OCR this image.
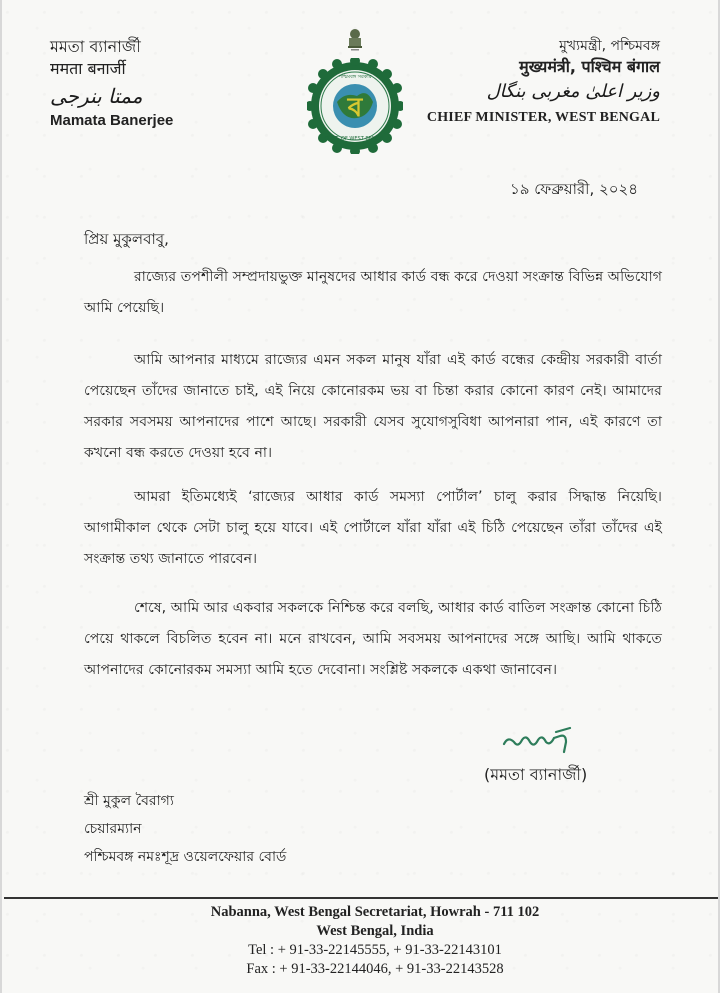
মমতা ব্যানার্জী
ममता बनार्जी
ممتا بنرجی
Mamata Banerjee	ব
পশ্চিমবঙ্গ সরকার
GOVT. OF WEST BENGAL
মুখ্যমন্ত্রী, পশ্চিমবঙ্গ
मुख्यमंत्री, पश्चिम बंगाल
وزیر اعلیٰ مغربی بنگال
CHIEF MINISTER, WEST BENGAL
১৯ ফেব্রুয়ারী, ২০২৪
প্রিয় মুকুলবাবু,

রাজ্যের তপশীলী সম্প্রদায়ভুক্ত মানুষদের আধার কার্ড বন্ধ করে দেওয়া সংক্রান্ত বিভিন্ন অভিযোগ আমি পেয়েছি।

আমি আপনার মাধ্যমে রাজ্যের এমন সকল মানুষ যাঁরা এই কার্ড বন্ধের কেন্দ্রীয় সরকারী বার্তা পেয়েছেন তাঁদের জানাতে চাই, এই নিয়ে কোনোরকম ভয় বা চিন্তা করার কোনো কারণ নেই। আমাদের সরকার সবসময় আপনাদের পাশে আছে। সরকারী যেসব সুযোগসুবিধা আপনারা পান, এই কারণে তা কখনো বন্ধ করতে দেওয়া হবে না।

আমরা ইতিমধ্যেই ‘রাজ্যের আধার কার্ড সমস্যা পোর্টাল’ চালু করার সিদ্ধান্ত নিয়েছি। আগামীকাল থেকে সেটা চালু হয়ে যাবে। এই পোর্টালে যাঁরা যাঁরা এই চিঠি পেয়েছেন তাঁরা তাঁদের এই সংক্রান্ত তথ্য জানাতে পারবেন।

শেষে, আমি আর একবার সকলকে নিশ্চিন্ত করে বলছি, আধার কার্ড বাতিল সংক্রান্ত কোনো চিঠি পেয়ে থাকলে বিচলিত হবেন না। মনে রাখবেন, আমি সবসময় আপনাদের সঙ্গে আছি। আমি থাকতে আপনাদের কোনোরকম সমস্যা আমি হতে দেবোনা। সংশ্লিষ্ট সকলকে একথা জানাবেন।

(মমতা ব্যানার্জী)
শ্রী মুকুল বৈরাগ্য
চেয়ারম্যান
পশ্চিমবঙ্গ নমঃশূদ্র ওয়েলফেয়ার বোর্ড
Nabanna, West Bengal Secretariat, Howrah - 711 102
West Bengal, India
Tel : + 91-33-22145555, + 91-33-22143101
Fax : + 91-33-22144046, + 91-33-22143528
